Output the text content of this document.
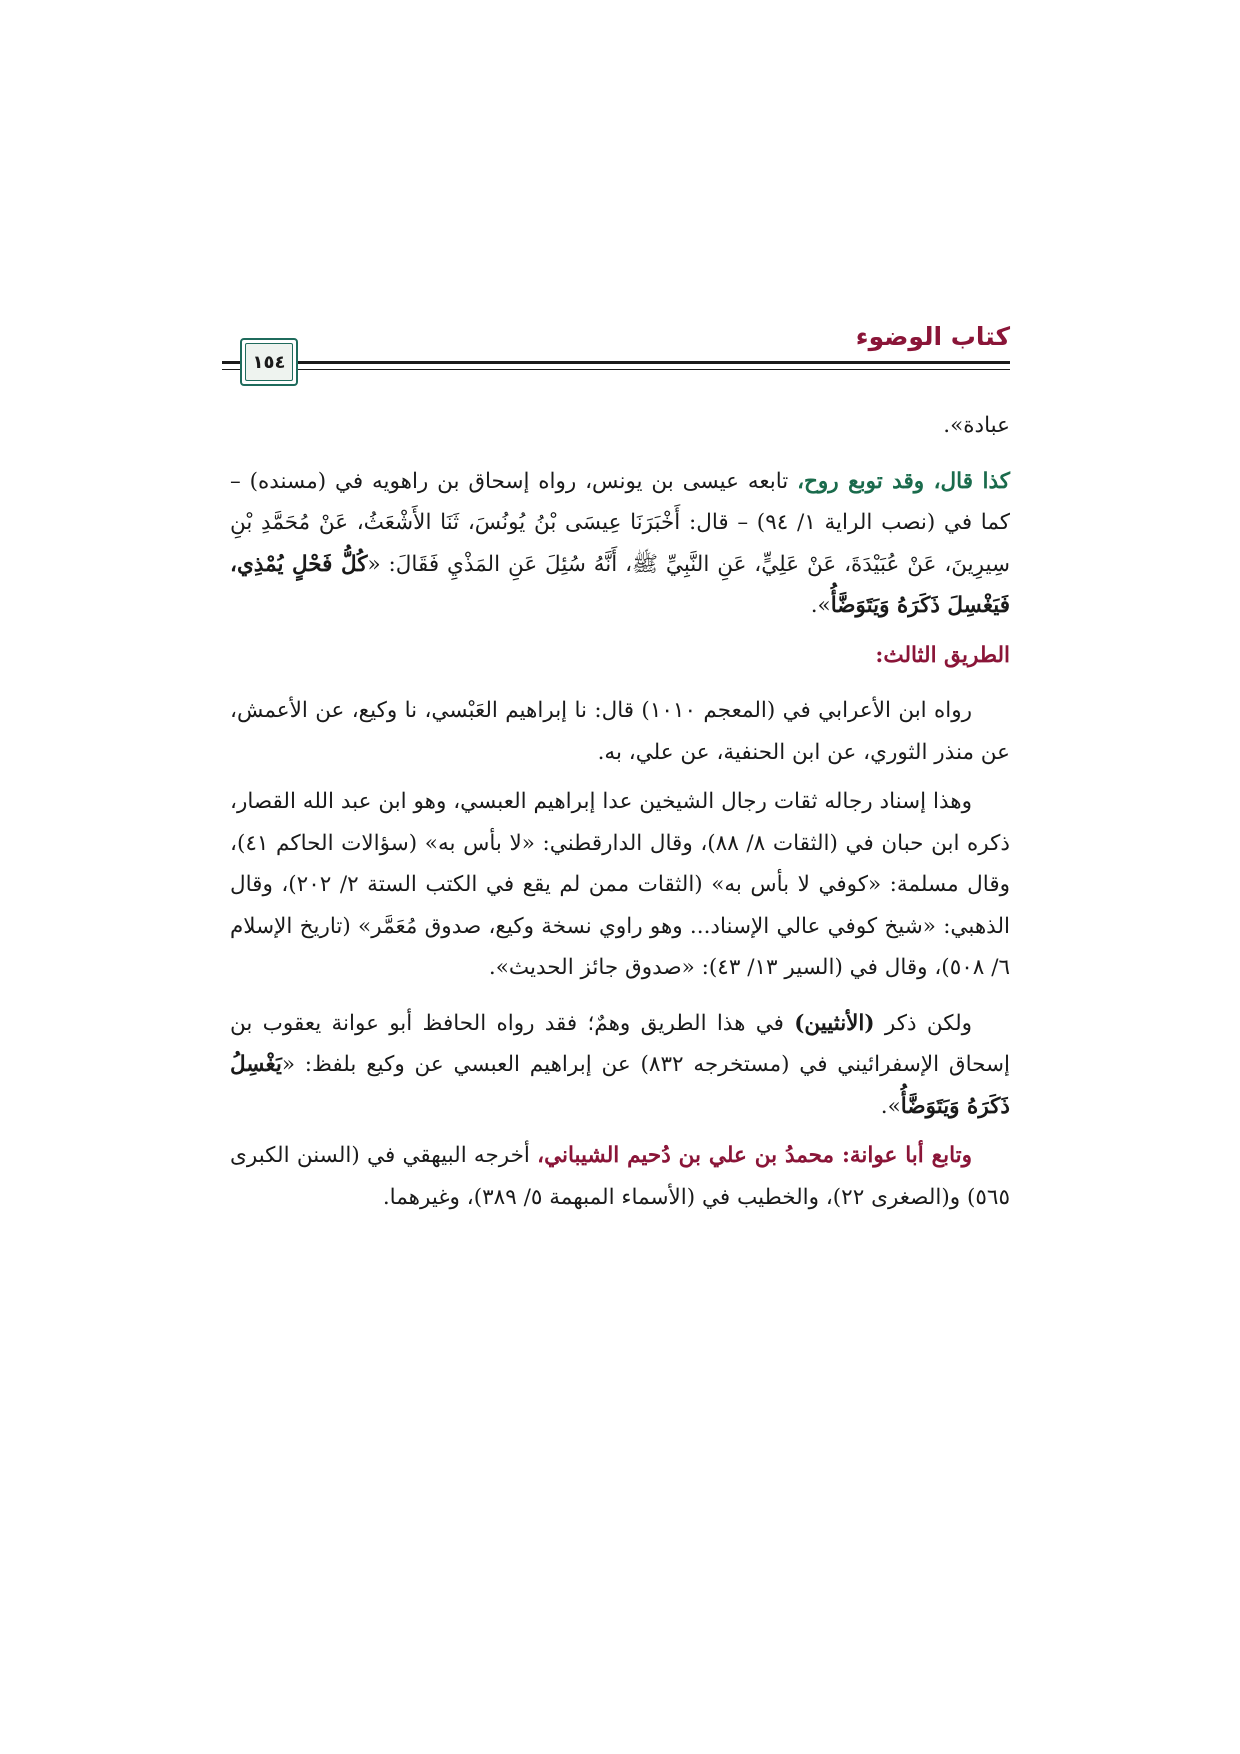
كتاب الوضوء
١٥٤

عبادة».

كذا قال، وقد توبع روح، تابعه عيسى بن يونس، رواه إسحاق بن راهويه في (مسنده) – كما في (نصب الراية ١/ ٩٤) – قال: أَخْبَرَنَا عِيسَى بْنُ يُونُسَ، ثَنَا الأَشْعَثُ، عَنْ مُحَمَّدِ بْنِ سِيرِينَ، عَنْ عُبَيْدَةَ، عَنْ عَلِيٍّ، عَنِ النَّبِيِّ ﷺ، أَنَّهُ سُئِلَ عَنِ المَذْيِ فَقَالَ: «كُلُّ فَحْلٍ يُمْذِي، فَيَغْسِلَ ذَكَرَهُ وَيَتَوَضَّأُ».

الطريق الثالث:

رواه ابن الأعرابي في (المعجم ١٠١٠) قال: نا إبراهيم العَبْسي، نا وكيع، عن الأعمش، عن منذر الثوري، عن ابن الحنفية، عن علي، به.

وهذا إسناد رجاله ثقات رجال الشيخين عدا إبراهيم العبسي، وهو ابن عبد الله القصار، ذكره ابن حبان في (الثقات ٨/ ٨٨)، وقال الدارقطني: «لا بأس به» (سؤالات الحاكم ٤١)، وقال مسلمة: «كوفي لا بأس به» (الثقات ممن لم يقع في الكتب الستة ٢/ ٢٠٢)، وقال الذهبي: «شيخ كوفي عالي الإسناد... وهو راوي نسخة وكيع، صدوق مُعَمَّر» (تاريخ الإسلام ٦/ ٥٠٨)، وقال في (السير ١٣/ ٤٣): «صدوق جائز الحديث».

ولكن ذكر (الأنثيين) في هذا الطريق وهمٌ؛ فقد رواه الحافظ أبو عوانة يعقوب بن إسحاق الإسفرائيني في (مستخرجه ٨٣٢) عن إبراهيم العبسي عن وكيع بلفظ: «يَغْسِلُ ذَكَرَهُ وَيَتَوَضَّأُ».

وتابع أبا عوانة: محمدُ بن علي بن دُحيم الشيباني، أخرجه البيهقي في (السنن الكبرى ٥٦٥) و(الصغرى ٢٢)، والخطيب في (الأسماء المبهمة ٥/ ٣٨٩)، وغيرهما.
